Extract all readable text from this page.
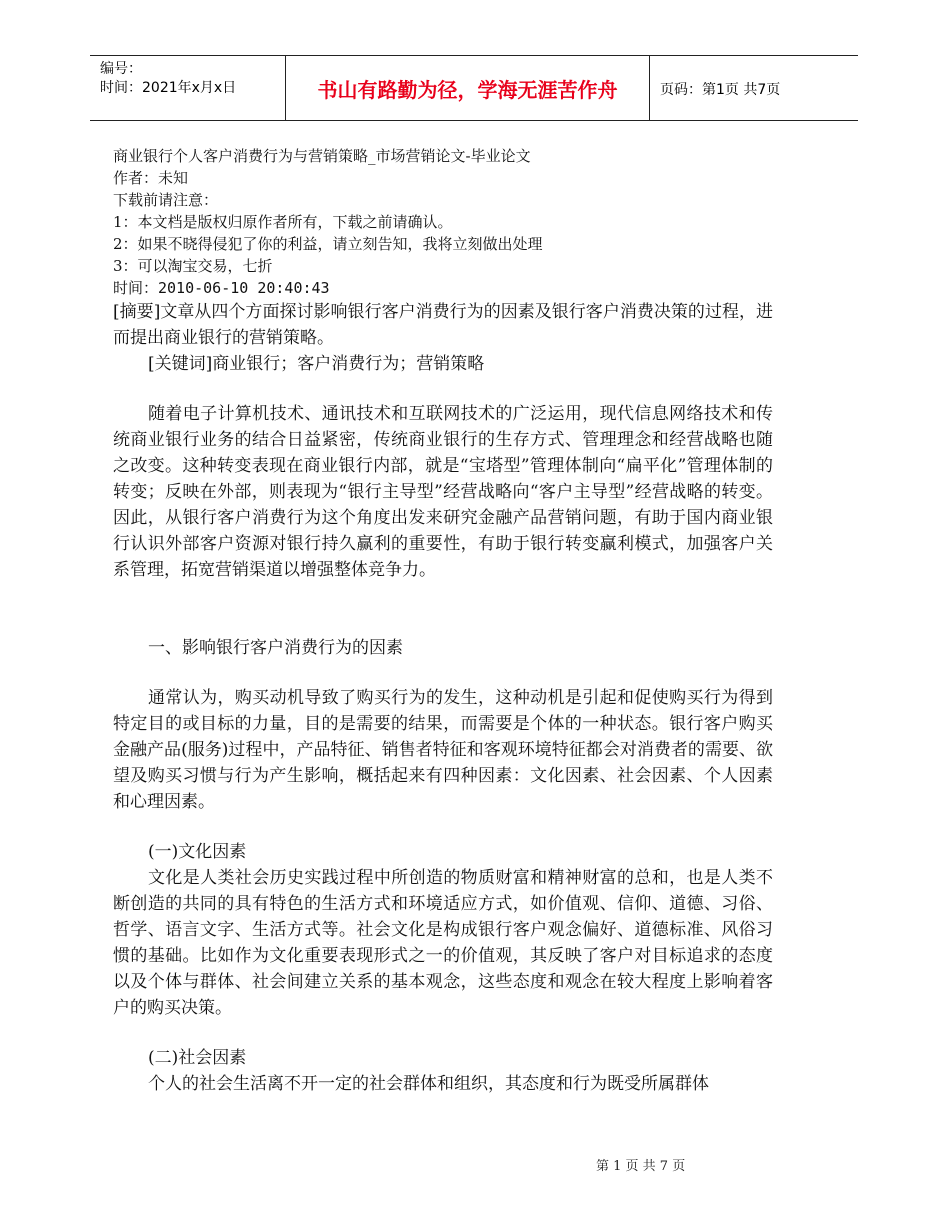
编号：
时间：2021年x月x日	书山有路勤为径，学海无涯苦作舟	页码：第1页 共7页

商业银行个人客户消费行为与营销策略_市场营销论文-毕业论文

作者：未知

下载前请注意：

1：本文档是版权归原作者所有，下载之前请确认。

2：如果不晓得侵犯了你的利益，请立刻告知，我将立刻做出处理

3：可以淘宝交易，七折

时间：2010-06-10 20:40:43

[摘要]文章从四个方面探讨影响银行客户消费行为的因素及银行客户消费决策的过程，进而提出商业银行的营销策略。

[关键词]商业银行；客户消费行为；营销策略

随着电子计算机技术、通讯技术和互联网技术的广泛运用，现代信息网络技术和传统商业银行业务的结合日益紧密，传统商业银行的生存方式、管理理念和经营战略也随之改变。这种转变表现在商业银行内部，就是“宝塔型”管理体制向“扁平化”管理体制的转变；反映在外部，则表现为“银行主导型”经营战略向“客户主导型”经营战略的转变。因此，从银行客户消费行为这个角度出发来研究金融产品营销问题，有助于国内商业银行认识外部客户资源对银行持久赢利的重要性，有助于银行转变赢利模式，加强客户关系管理，拓宽营销渠道以增强整体竞争力。

一、影响银行客户消费行为的因素

通常认为，购买动机导致了购买行为的发生，这种动机是引起和促使购买行为得到特定目的或目标的力量，目的是需要的结果，而需要是个体的一种状态。银行客户购买金融产品(服务)过程中，产品特征、销售者特征和客观环境特征都会对消费者的需要、欲望及购买习惯与行为产生影响，概括起来有四种因素：文化因素、社会因素、个人因素和心理因素。

(一)文化因素

文化是人类社会历史实践过程中所创造的物质财富和精神财富的总和，也是人类不断创造的共同的具有特色的生活方式和环境适应方式，如价值观、信仰、道德、习俗、哲学、语言文字、生活方式等。社会文化是构成银行客户观念偏好、道德标准、风俗习惯的基础。比如作为文化重要表现形式之一的价值观，其反映了客户对目标追求的态度以及个体与群体、社会间建立关系的基本观念，这些态度和观念在较大程度上影响着客户的购买决策。

(二)社会因素

个人的社会生活离不开一定的社会群体和组织，其态度和行为既受所属群体

第 1 页 共 7 页
